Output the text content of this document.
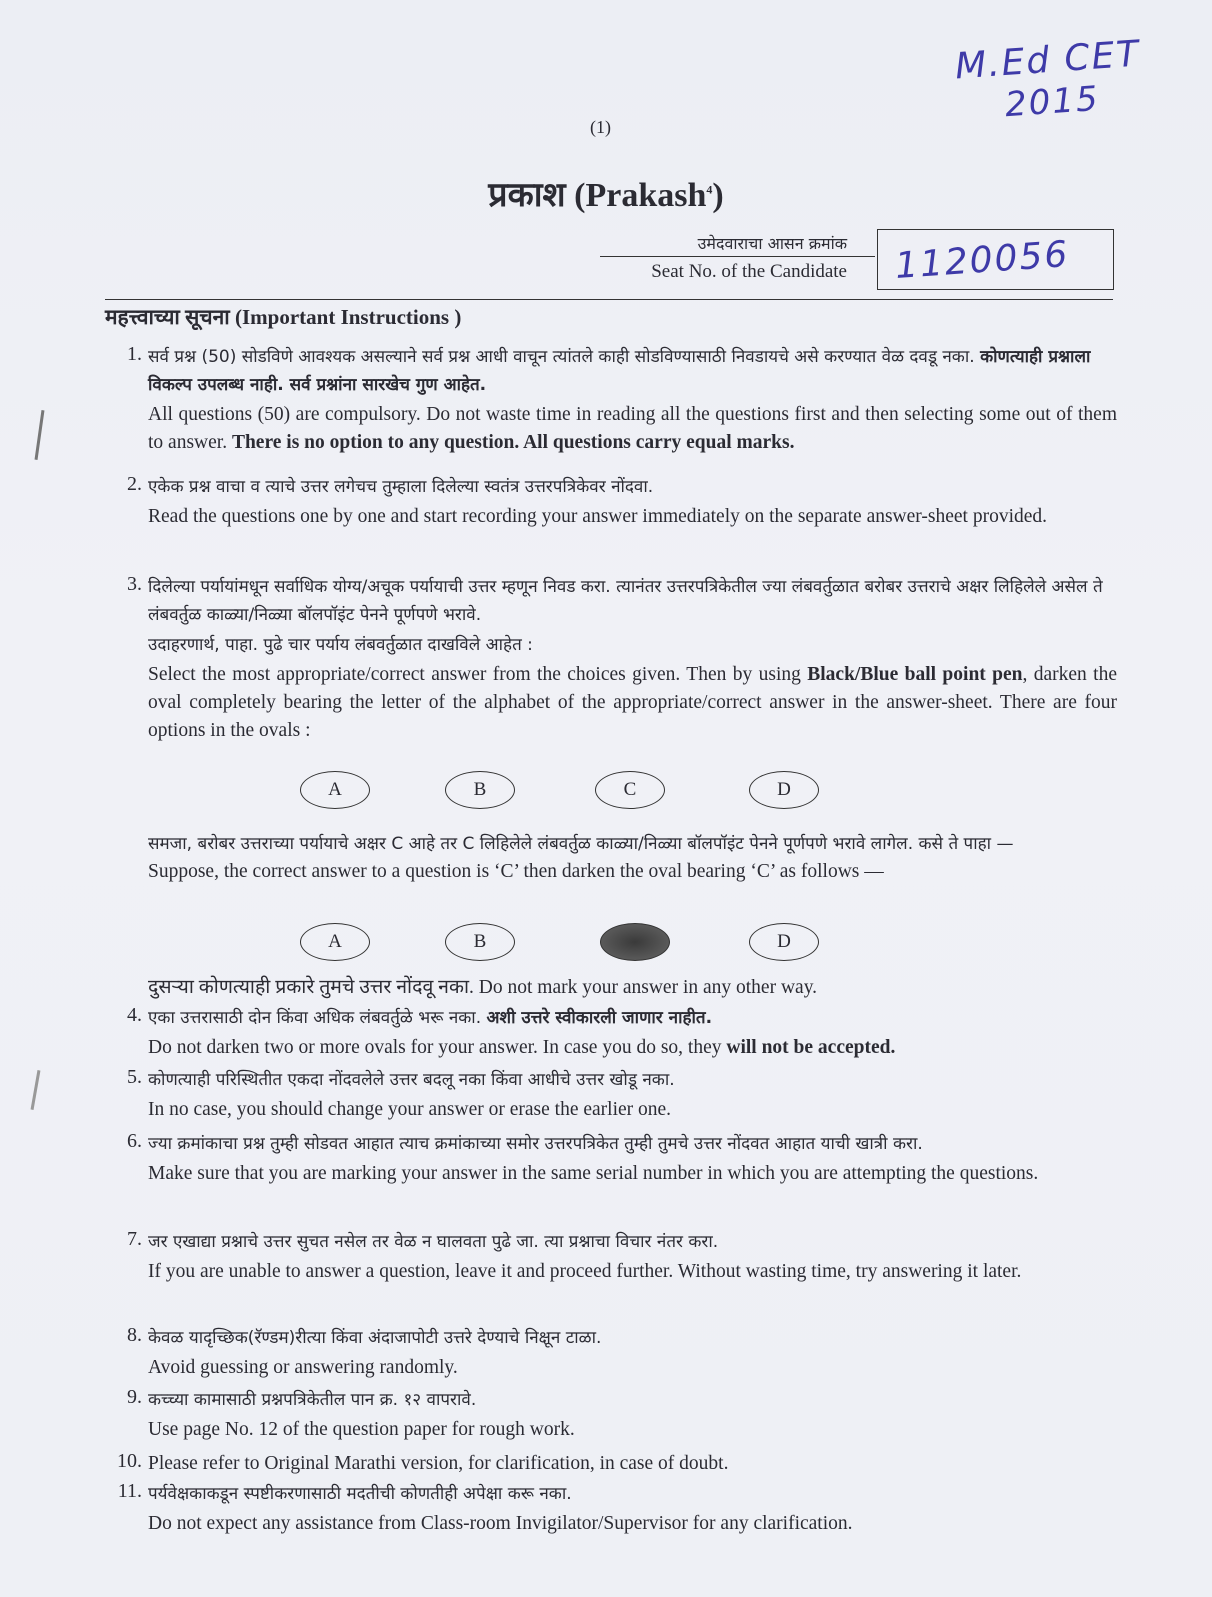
M.Ed CET
2015
(1)
प्रकाश (Prakash$^4$)
उमेदवाराचा आसन क्रमांक
Seat No. of the Candidate 1120056
महत्त्वाच्या सूचना (Important Instructions )
1. सर्व प्रश्न (50) सोडविणे आवश्यक असल्याने सर्व प्रश्न आधी वाचून त्यांतले काही सोडविण्यासाठी निवडायचे असे करण्यात वेळ दवडू नका. कोणत्याही प्रश्नाला विकल्प उपलब्ध नाही. सर्व प्रश्नांना सारखेच गुण आहेत.

All questions (50) are compulsory. Do not waste time in reading all the questions first and then selecting some out of them to answer. There is no option to any question. All questions carry equal marks.

2. एकेक प्रश्न वाचा व त्याचे उत्तर लगेचच तुम्हाला दिलेल्या स्वतंत्र उत्तरपत्रिकेवर नोंदवा.

Read the questions one by one and start recording your answer immediately on the separate answer-sheet provided.

3. दिलेल्या पर्यायांमधून सर्वाधिक योग्य/अचूक पर्यायाची उत्तर म्हणून निवड करा. त्यानंतर उत्तरपत्रिकेतील ज्या लंबवर्तुळात बरोबर उत्तराचे अक्षर लिहिलेले असेल ते लंबवर्तुळ काळ्या/निळ्या बॉलपॉइंट पेनने पूर्णपणे भरावे.

उदाहरणार्थ, पाहा. पुढे चार पर्याय लंबवर्तुळात दाखविले आहेत :

Select the most appropriate/correct answer from the choices given. Then by using Black/Blue ball point pen, darken the oval completely bearing the letter of the alphabet of the appropriate/correct answer in the answer-sheet. There are four options in the ovals :

A	B	C	D

समजा, बरोबर उत्तराच्या पर्यायाचे अक्षर C आहे तर C लिहिलेले लंबवर्तुळ काळ्या/निळ्या बॉलपॉइंट पेनने पूर्णपणे भरावे लागेल. कसे ते पाहा —

Suppose, the correct answer to a question is ‘C’ then darken the oval bearing ‘C’ as follows —

A	B	D
दुसऱ्या कोणत्याही प्रकारे तुमचे उत्तर नोंदवू नका. Do not mark your answer in any other way.
4. एका उत्तरासाठी दोन किंवा अधिक लंबवर्तुळे भरू नका. अशी उत्तरे स्वीकारली जाणार नाहीत.

Do not darken two or more ovals for your answer. In case you do so, they will not be accepted.

5. कोणत्याही परिस्थितीत एकदा नोंदवलेले उत्तर बदलू नका किंवा आधीचे उत्तर खोडू नका.

In no case, you should change your answer or erase the earlier one.

6. ज्या क्रमांकाचा प्रश्न तुम्ही सोडवत आहात त्याच क्रमांकाच्या समोर उत्तरपत्रिकेत तुम्ही तुमचे उत्तर नोंदवत आहात याची खात्री करा.

Make sure that you are marking your answer in the same serial number in which you are attempting the questions.

7. जर एखाद्या प्रश्नाचे उत्तर सुचत नसेल तर वेळ न घालवता पुढे जा. त्या प्रश्नाचा विचार नंतर करा.

If you are unable to answer a question, leave it and proceed further. Without wasting time, try answering it later.

8. केवळ यादृच्छिक(रॅण्डम)रीत्या किंवा अंदाजापोटी उत्तरे देण्याचे निक्षून टाळा.

Avoid guessing or answering randomly.

9. कच्च्या कामासाठी प्रश्नपत्रिकेतील पान क्र. १२ वापरावे.

Use page No. 12 of the question paper for rough work.

10. Please refer to Original Marathi version, for clarification, in case of doubt.

11. पर्यवेक्षकाकडून स्पष्टीकरणासाठी मदतीची कोणतीही अपेक्षा करू नका.

Do not expect any assistance from Class-room Invigilator/Supervisor for any clarification.
